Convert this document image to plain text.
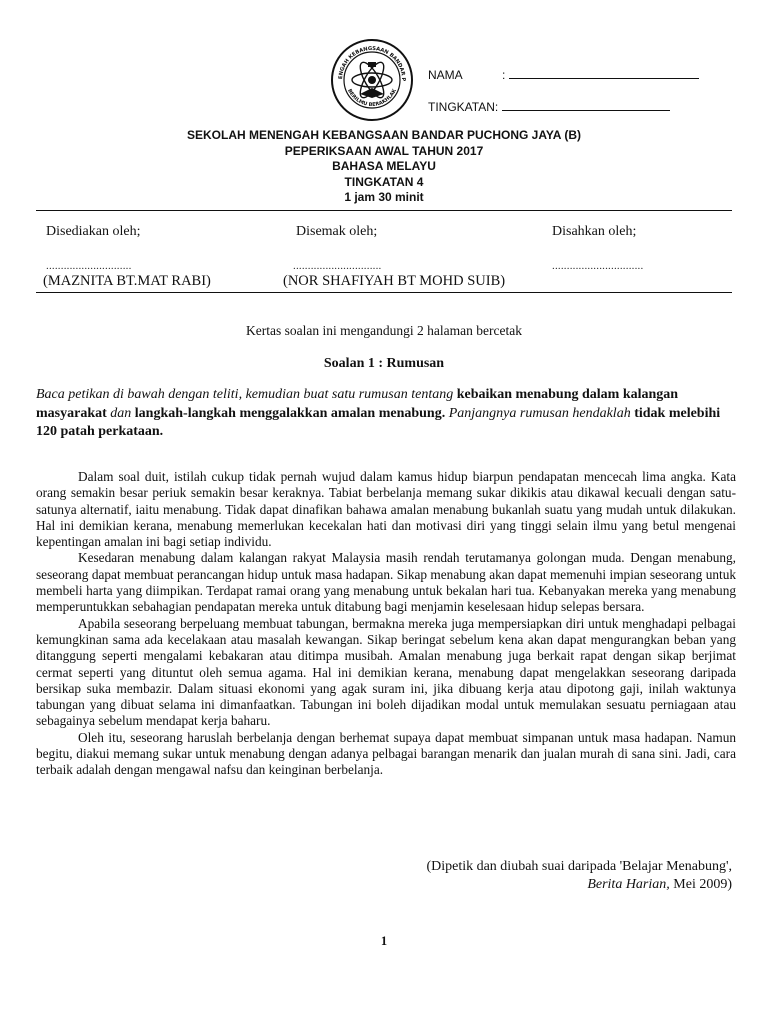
ENGAH KEBANGSAAN BANDAR P
BERILMU BERAKHLAK
NAMA	:
TINGKATAN:
SEKOLAH MENENGAH KEBANGSAAN BANDAR PUCHONG JAYA (B)
PEPERIKSAAN AWAL TAHUN 2017
BAHASA MELAYU
TINGKATAN 4
1 jam 30 minit
Disediakan oleh;	Disemak oleh;	Disahkan oleh;
.............................	..............................	...............................
(MAZNITA BT.MAT RABI)	(NOR SHAFIYAH BT MOHD SUIB)
Kertas soalan ini mengandungi 2 halaman bercetak
Soalan 1 : Rumusan
Baca petikan di bawah dengan teliti, kemudian buat satu rumusan tentang kebaikan menabung dalam kalangan masyarakat dan langkah-langkah menggalakkan amalan menabung. Panjangnya rumusan hendaklah tidak melebihi 120 patah perkataan.

Dalam soal duit, istilah cukup tidak pernah wujud dalam kamus hidup biarpun pendapatan mencecah lima angka. Kata orang semakin besar periuk semakin besar keraknya. Tabiat berbelanja memang sukar dikikis atau dikawal kecuali dengan satu-satunya alternatif, iaitu menabung. Tidak dapat dinafikan bahawa amalan menabung bukanlah suatu yang mudah untuk dilakukan. Hal ini demikian kerana, menabung memerlukan kecekalan hati dan motivasi diri yang tinggi selain ilmu yang betul mengenai kepentingan amalan ini bagi setiap individu.

Kesedaran menabung dalam kalangan rakyat Malaysia masih rendah terutamanya golongan muda. Dengan menabung, seseorang dapat membuat perancangan hidup untuk masa hadapan. Sikap menabung akan dapat memenuhi impian seseorang untuk membeli harta yang diimpikan. Terdapat ramai orang yang menabung untuk bekalan hari tua. Kebanyakan mereka yang menabung memperuntukkan sebahagian pendapatan mereka untuk ditabung bagi menjamin keselesaan hidup selepas bersara.

Apabila seseorang berpeluang membuat tabungan, bermakna mereka juga mempersiapkan diri untuk menghadapi pelbagai kemungkinan sama ada kecelakaan atau masalah kewangan. Sikap beringat sebelum kena akan dapat mengurangkan beban yang ditanggung seperti mengalami kebakaran atau ditimpa musibah. Amalan menabung juga berkait rapat dengan sikap berjimat cermat seperti yang dituntut oleh semua agama. Hal ini demikian kerana, menabung dapat mengelakkan seseorang daripada bersikap suka membazir. Dalam situasi ekonomi yang agak suram ini, jika dibuang kerja atau dipotong gaji, inilah waktunya tabungan yang dibuat selama ini dimanfaatkan. Tabungan ini boleh dijadikan modal untuk memulakan sesuatu perniagaan atau sebagainya sebelum mendapat kerja baharu.

Oleh itu, seseorang haruslah berbelanja dengan berhemat supaya dapat membuat simpanan untuk masa hadapan. Namun begitu, diakui memang sukar untuk menabung dengan adanya pelbagai barangan menarik dan jualan murah di sana sini. Jadi, cara terbaik adalah dengan mengawal nafsu dan keinginan berbelanja.

(Dipetik dan diubah suai daripada 'Belajar Menabung',
Berita Harian, Mei 2009)
1
